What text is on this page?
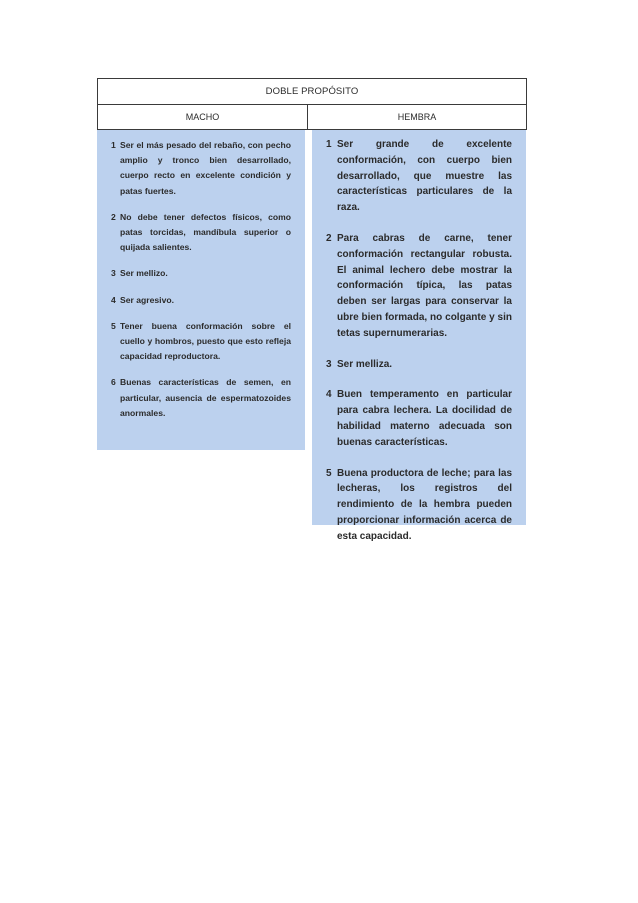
DOBLE PROPÓSITO
MACHO	HEMBRA
1 Ser el más pesado del rebaño, con pecho amplio y tronco bien desarrollado, cuerpo recto en excelente condición y patas fuertes.
2 No debe tener defectos físicos, como patas torcidas, mandíbula superior o quijada salientes.
3 Ser mellizo.
4 Ser agresivo.
5 Tener buena conformación sobre el cuello y hombros, puesto que esto refleja capacidad reproductora.
6 Buenas características de semen, en particular, ausencia de espermatozoides anormales.
1 Ser grande de excelente conformación, con cuerpo bien desarrollado, que muestre las características particulares de la raza.
2 Para cabras de carne, tener conformación rectangular robusta. El animal lechero debe mostrar la conformación típica, las patas deben ser largas para conservar la ubre bien formada, no colgante y sin tetas supernumerarias.
3 Ser melliza.
4 Buen temperamento en particular para cabra lechera. La docilidad de habilidad materno adecuada son buenas características.
5 Buena productora de leche; para las lecheras, los registros del rendimiento de la hembra pueden proporcionar información acerca de esta capacidad.
